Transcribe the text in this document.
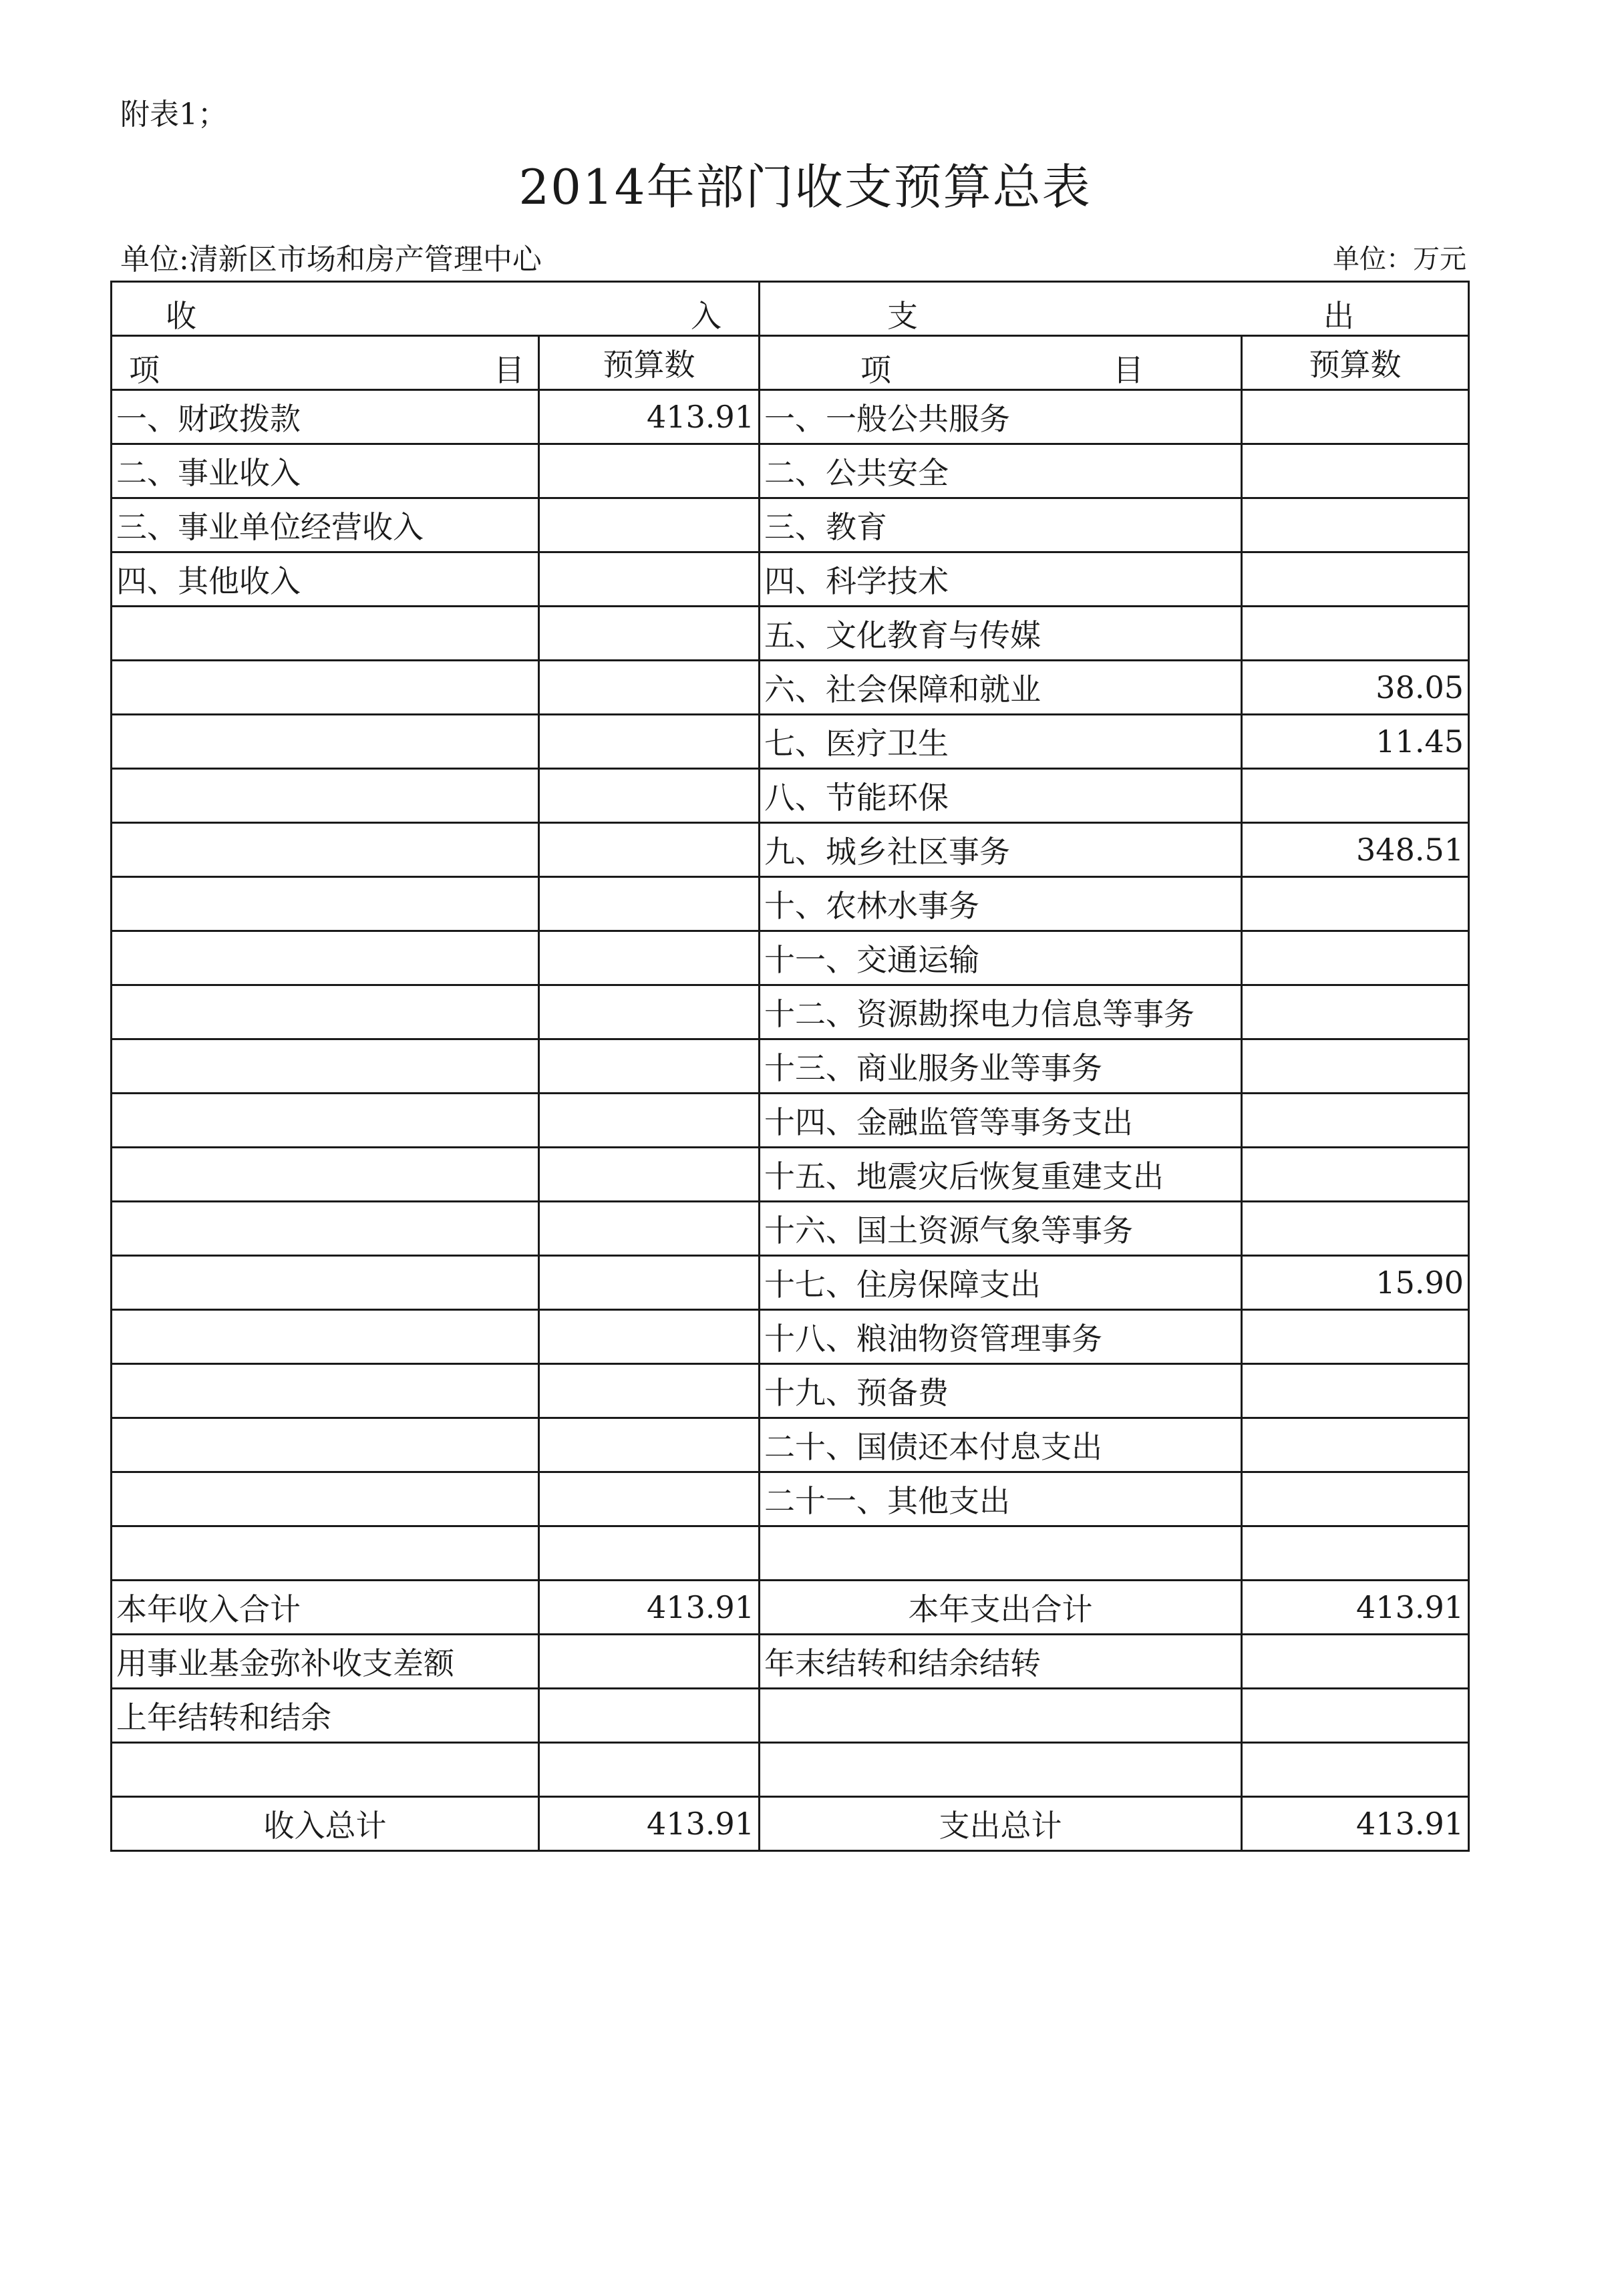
附表1；
2014年部门收支预算总表
单位:清新区市场和房产管理中心	单位：万元
收 入		支 出	

项 目	预算数	项 目	预算数
一、财政拨款	413.91	一、一般公共服务	
二、事业收入		二、公共安全	
三、事业单位经营收入		三、教育	
四、其他收入		四、科学技术	
		五、文化教育与传媒	
		六、社会保障和就业	38.05
		七、医疗卫生	11.45
		八、节能环保	
		九、城乡社区事务	348.51
		十、农林水事务	
		十一、交通运输	
		十二、资源勘探电力信息等事务	
		十三、商业服务业等事务	
		十四、金融监管等事务支出	
		十五、地震灾后恢复重建支出	
		十六、国土资源气象等事务	
		十七、住房保障支出	15.90
		十八、粮油物资管理事务	
		十九、预备费	
		二十、国债还本付息支出	
		二十一、其他支出	

本年收入合计	413.91	本年支出合计	413.91
用事业基金弥补收支差额		年末结转和结余结转	
上年结转和结余			

收入总计	413.91	支出总计	413.91
